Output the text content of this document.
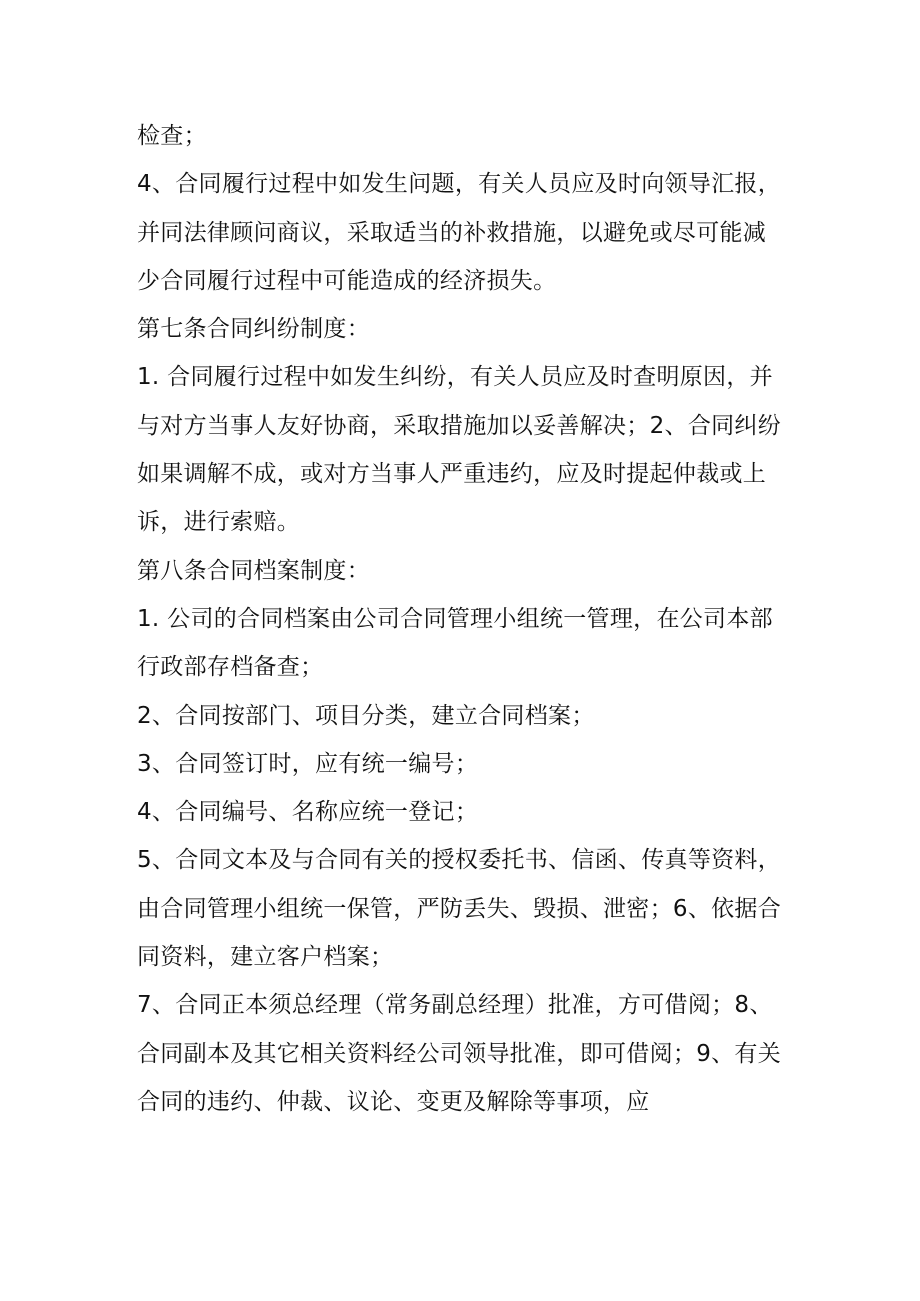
检查；
4、合同履行过程中如发生问题，有关人员应及时向领导汇报，
并同法律顾问商议，采取适当的补救措施，以避免或尽可能减
少合同履行过程中可能造成的经济损失。
第七条合同纠纷制度：
1. 合同履行过程中如发生纠纷，有关人员应及时查明原因，并
与对方当事人友好协商，采取措施加以妥善解决；2、合同纠纷
如果调解不成，或对方当事人严重违约，应及时提起仲裁或上
诉，进行索赔。
第八条合同档案制度：
1. 公司的合同档案由公司合同管理小组统一管理，在公司本部
行政部存档备查；
2、合同按部门、项目分类，建立合同档案；
3、合同签订时，应有统一编号；
4、合同编号、名称应统一登记；
5、合同文本及与合同有关的授权委托书、信函、传真等资料，
由合同管理小组统一保管，严防丢失、毁损、泄密；6、依据合
同资料，建立客户档案；
7、合同正本须总经理（常务副总经理）批准，方可借阅；8、
合同副本及其它相关资料经公司领导批准，即可借阅；9、有关
合同的违约、仲裁、议论、变更及解除等事项，应
